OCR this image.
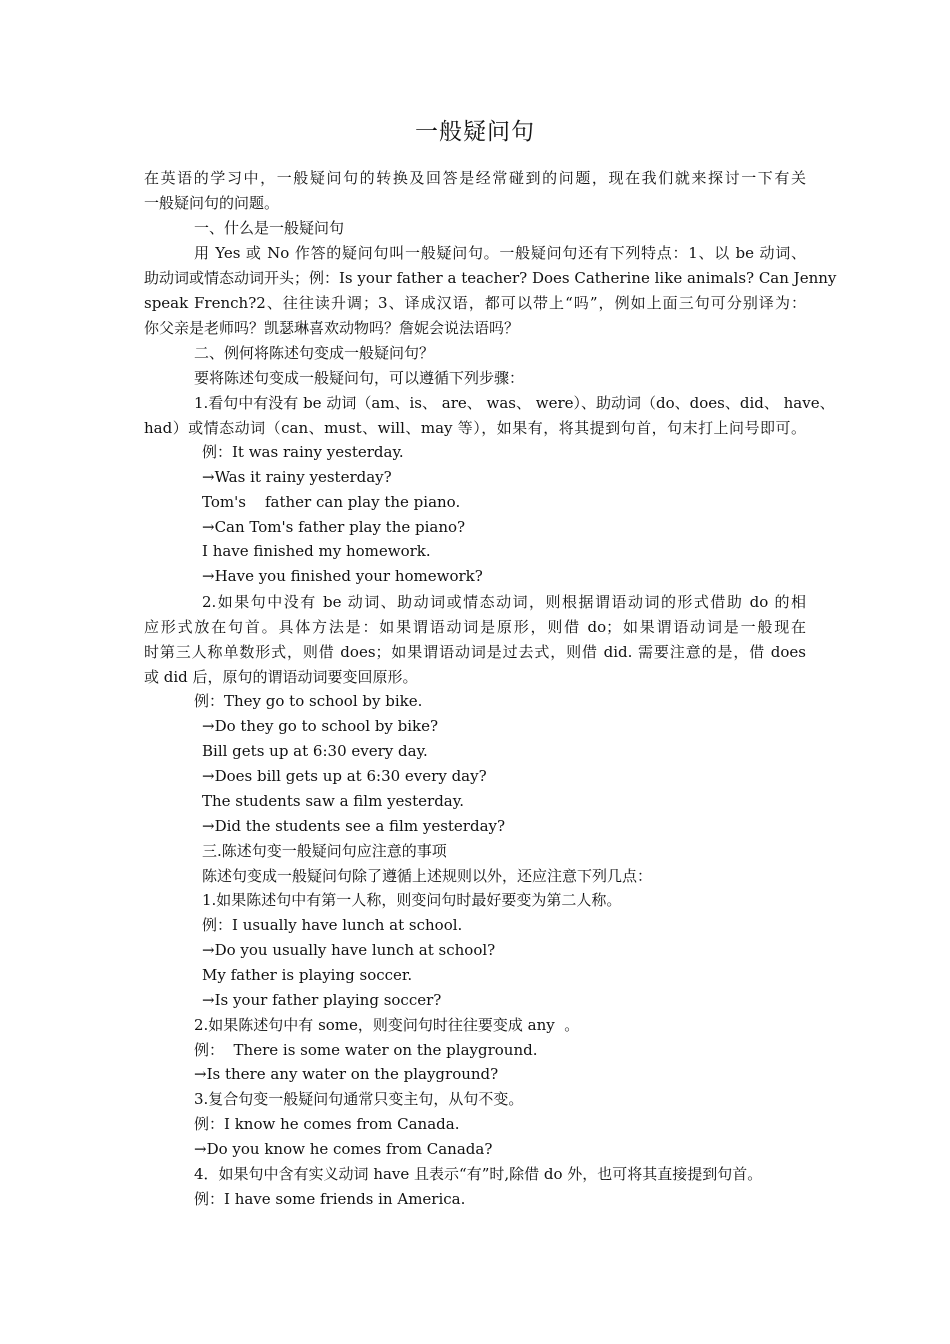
一般疑问句
在英语的学习中，一般疑问句的转换及回答是经常碰到的问题，现在我们就来探讨一下有关
一般疑问句的问题。
一、什么是一般疑问句
用 Yes 或 No 作答的疑问句叫一般疑问句。一般疑问句还有下列特点：1、以 be 动词、
助动词或情态动词开头；例：Is your father a teacher? Does Catherine like animals? Can Jenny
speak French?2、往往读升调；3、译成汉语，都可以带上“吗”，例如上面三句可分别译为：
你父亲是老师吗？凯瑟琳喜欢动物吗？詹妮会说法语吗？
二、例何将陈述句变成一般疑问句？
要将陈述句变成一般疑问句，可以遵循下列步骤：
1.看句中有没有 be 动词（am、is、 are、 was、 were）、助动词（do、does、did、 have、
had）或情态动词（can、must、will、may 等），如果有，将其提到句首，句末打上问号即可。
例：It was rainy yesterday.
→Was it rainy yesterday?
Tom's    father can play the piano.
→Can Tom's father play the piano?
I have finished my homework.
→Have you finished your homework?
2.如果句中没有 be 动词、助动词或情态动词，则根据谓语动词的形式借助 do 的相
应形式放在句首。具体方法是：如果谓语动词是原形，则借 do；如果谓语动词是一般现在
时第三人称单数形式，则借 does；如果谓语动词是过去式，则借 did. 需要注意的是，借 does
或 did 后，原句的谓语动词要变回原形。
例：They go to school by bike.
→Do they go to school by bike?
Bill gets up at 6:30 every day.
→Does bill gets up at 6:30 every day?
The students saw a film yesterday.
→Did the students see a film yesterday?
三.陈述句变一般疑问句应注意的事项
陈述句变成一般疑问句除了遵循上述规则以外，还应注意下列几点：
1.如果陈述句中有第一人称，则变问句时最好要变为第二人称。
例：I usually have lunch at school.
→Do you usually have lunch at school?
My father is playing soccer.
→Is your father playing soccer?
2.如果陈述句中有 some，则变问句时往往要变成 any  。
例：  There is some water on the playground.
→Is there any water on the playground?
3.复合句变一般疑问句通常只变主句，从句不变。
例：I know he comes from Canada.
→Do you know he comes from Canada?
4．如果句中含有实义动词 have 且表示“有”时,除借 do 外，也可将其直接提到句首。
例：I have some friends in America.
